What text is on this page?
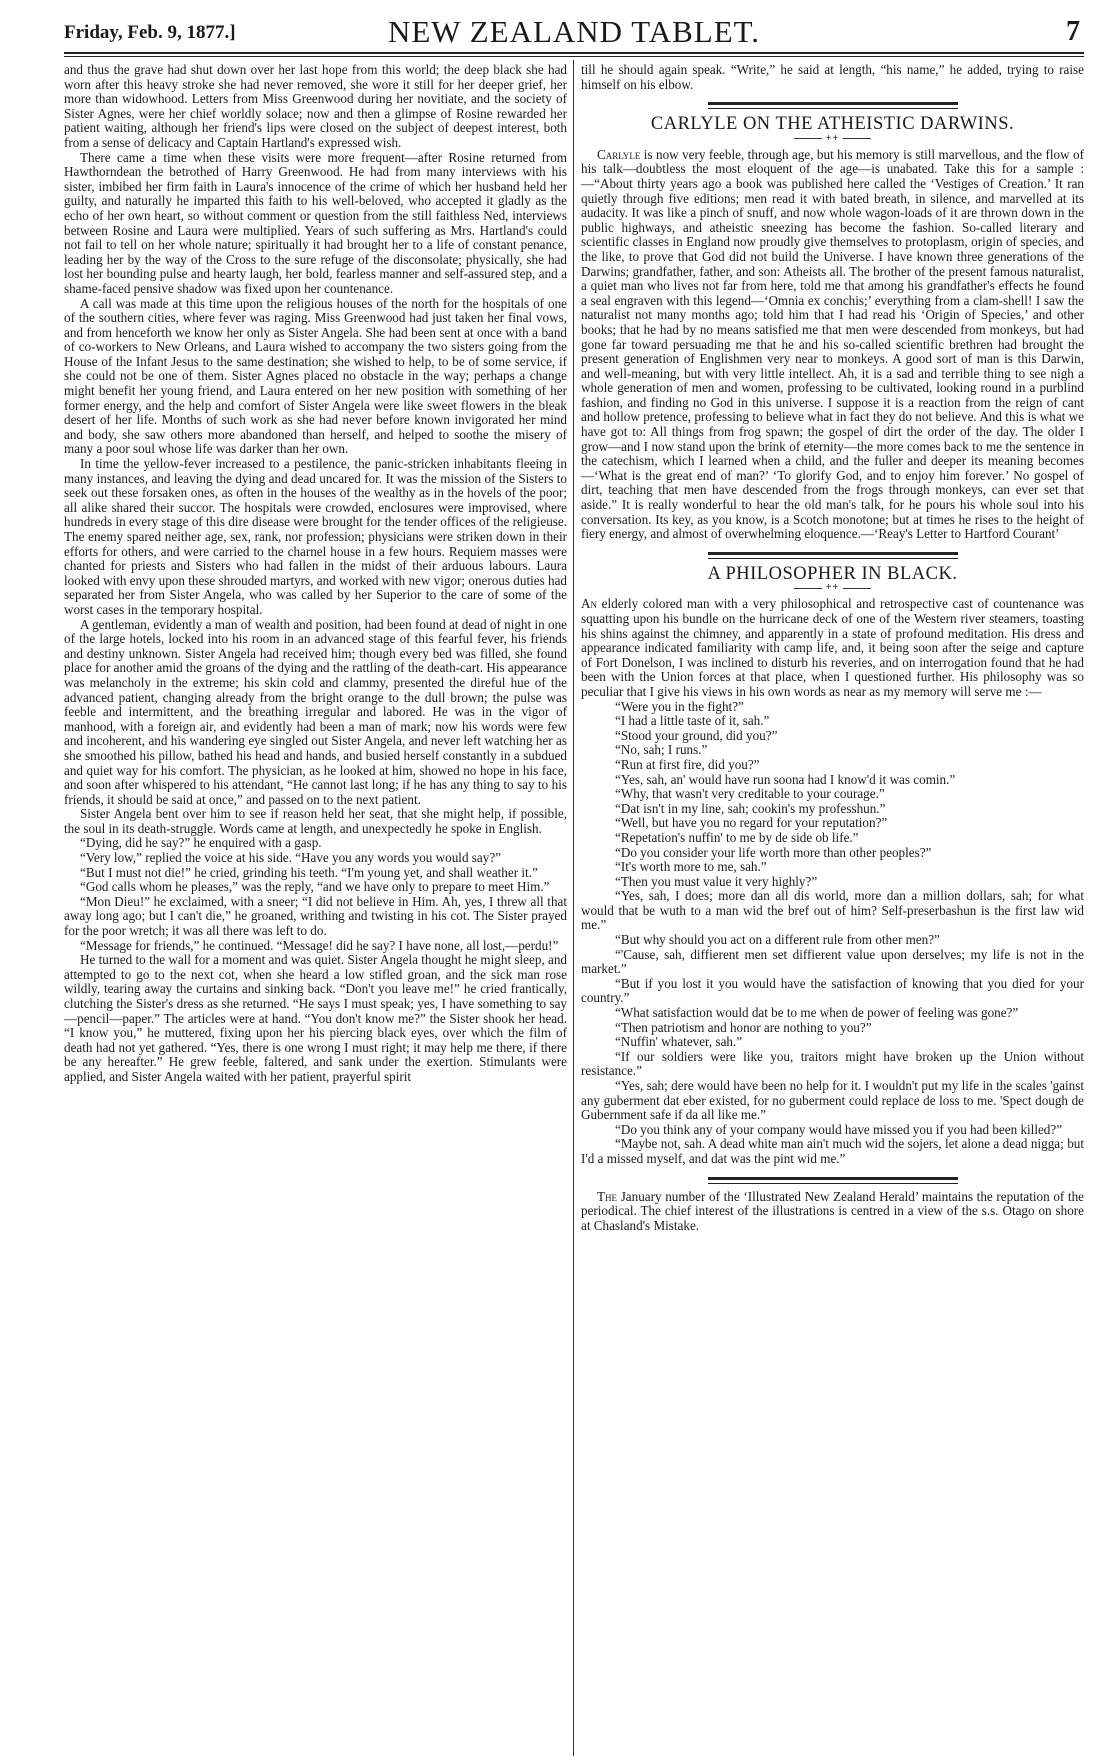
Friday, Feb. 9, 1877.]	NEW ZEALAND TABLET.	7

and thus the grave had shut down over her last hope from this world; the deep black she had worn after this heavy stroke she had never removed, she wore it still for her deeper grief, her more than widowhood. Letters from Miss Greenwood during her novitiate, and the society of Sister Agnes, were her chief worldly solace; now and then a glimpse of Rosine rewarded her patient waiting, although her friend's lips were closed on the subject of deepest interest, both from a sense of delicacy and Captain Hartland's expressed wish.

There came a time when these visits were more frequent—after Rosine returned from Hawthorndean the betrothed of Harry Greenwood. He had from many interviews with his sister, imbibed her firm faith in Laura's innocence of the crime of which her husband held her guilty, and naturally he imparted this faith to his well-beloved, who accepted it gladly as the echo of her own heart, so without comment or question from the still faithless Ned, interviews between Rosine and Laura were multiplied. Years of such suffering as Mrs. Hartland's could not fail to tell on her whole nature; spiritually it had brought her to a life of constant penance, leading her by the way of the Cross to the sure refuge of the disconsolate; physically, she had lost her bounding pulse and hearty laugh, her bold, fearless manner and self-assured step, and a shame-faced pensive shadow was fixed upon her countenance.

A call was made at this time upon the religious houses of the north for the hospitals of one of the southern cities, where fever was raging. Miss Greenwood had just taken her final vows, and from henceforth we know her only as Sister Angela. She had been sent at once with a band of co-workers to New Orleans, and Laura wished to accompany the two sisters going from the House of the Infant Jesus to the same destination; she wished to help, to be of some service, if she could not be one of them. Sister Agnes placed no obstacle in the way; perhaps a change might benefit her young friend, and Laura entered on her new position with something of her former energy, and the help and comfort of Sister Angela were like sweet flowers in the bleak desert of her life. Months of such work as she had never before known invigorated her mind and body, she saw others more abandoned than herself, and helped to soothe the misery of many a poor soul whose life was darker than her own.

In time the yellow-fever increased to a pestilence, the panic-stricken inhabitants fleeing in many instances, and leaving the dying and dead uncared for. It was the mission of the Sisters to seek out these forsaken ones, as often in the houses of the wealthy as in the hovels of the poor; all alike shared their succor. The hospitals were crowded, enclosures were improvised, where hundreds in every stage of this dire disease were brought for the tender offices of the religieuse. The enemy spared neither age, sex, rank, nor profession; physicians were striken down in their efforts for others, and were carried to the charnel house in a few hours. Requiem masses were chanted for priests and Sisters who had fallen in the midst of their arduous labours. Laura looked with envy upon these shrouded martyrs, and worked with new vigor; onerous duties had separated her from Sister Angela, who was called by her Superior to the care of some of the worst cases in the temporary hospital.

A gentleman, evidently a man of wealth and position, had been found at dead of night in one of the large hotels, locked into his room in an advanced stage of this fearful fever, his friends and destiny unknown. Sister Angela had received him; though every bed was filled, she found place for another amid the groans of the dying and the rattling of the death-cart. His appearance was melancholy in the extreme; his skin cold and clammy, presented the direful hue of the advanced patient, changing already from the bright orange to the dull brown; the pulse was feeble and intermittent, and the breathing irregular and labored. He was in the vigor of manhood, with a foreign air, and evidently had been a man of mark; now his words were few and incoherent, and his wandering eye singled out Sister Angela, and never left watching her as she smoothed his pillow, bathed his head and hands, and busied herself constantly in a subdued and quiet way for his comfort. The physician, as he looked at him, showed no hope in his face, and soon after whispered to his attendant, “He cannot last long; if he has any thing to say to his friends, it should be said at once,” and passed on to the next patient.

Sister Angela bent over him to see if reason held her seat, that she might help, if possible, the soul in its death-struggle. Words came at length, and unexpectedly he spoke in English.

“Dying, did he say?” he enquired with a gasp.

“Very low,” replied the voice at his side. “Have you any words you would say?”

“But I must not die!” he cried, grinding his teeth. “I'm young yet, and shall weather it.”

“God calls whom he pleases,” was the reply, “and we have only to prepare to meet Him.”

“Mon Dieu!” he exclaimed, with a sneer; “I did not believe in Him. Ah, yes, I threw all that away long ago; but I can't die,” he groaned, writhing and twisting in his cot. The Sister prayed for the poor wretch; it was all there was left to do.

“Message for friends,” he continued. “Message! did he say? I have none, all lost,—perdu!”

He turned to the wall for a moment and was quiet. Sister Angela thought he might sleep, and attempted to go to the next cot, when she heard a low stifled groan, and the sick man rose wildly, tearing away the curtains and sinking back. “Don't you leave me!” he cried frantically, clutching the Sister's dress as she returned. “He says I must speak; yes, I have something to say—pencil—paper.” The articles were at hand. “You don't know me?” the Sister shook her head. “I know you,” he muttered, fixing upon her his piercing black eyes, over which the film of death had not yet gathered. “Yes, there is one wrong I must right; it may help me there, if there be any hereafter.” He grew feeble, faltered, and sank under the exertion. Stimulants were applied, and Sister Angela waited with her patient, prayerful spirit

till he should again speak. “Write,” he said at length, “his name,” he added, trying to raise himself on his elbow.

CARLYLE ON THE ATHEISTIC DARWINS.
++

Carlyle is now very feeble, through age, but his memory is still marvellous, and the flow of his talk—doubtless the most eloquent of the age—is unabated. Take this for a sample :—“About thirty years ago a book was published here called the ‘Vestiges of Creation.’ It ran quietly through five editions; men read it with bated breath, in silence, and marvelled at its audacity. It was like a pinch of snuff, and now whole wagon-loads of it are thrown down in the public highways, and atheistic sneezing has become the fashion. So-called literary and scientific classes in England now proudly give themselves to protoplasm, origin of species, and the like, to prove that God did not build the Universe. I have known three generations of the Darwins; grandfather, father, and son: Atheists all. The brother of the present famous naturalist, a quiet man who lives not far from here, told me that among his grandfather's effects he found a seal engraven with this legend—‘Omnia ex conchis;’ everything from a clam-shell! I saw the naturalist not many months ago; told him that I had read his ‘Origin of Species,’ and other books; that he had by no means satisfied me that men were descended from monkeys, but had gone far toward persuading me that he and his so-called scientific brethren had brought the present generation of Englishmen very near to monkeys. A good sort of man is this Darwin, and well-meaning, but with very little intellect. Ah, it is a sad and terrible thing to see nigh a whole generation of men and women, professing to be cultivated, looking round in a purblind fashion, and finding no God in this universe. I suppose it is a reaction from the reign of cant and hollow pretence, professing to believe what in fact they do not believe. And this is what we have got to: All things from frog spawn; the gospel of dirt the order of the day. The older I grow—and I now stand upon the brink of eternity—the more comes back to me the sentence in the catechism, which I learned when a child, and the fuller and deeper its meaning becomes—‘What is the great end of man?’ ‘To glorify God, and to enjoy him forever.’ No gospel of dirt, teaching that men have descended from the frogs through monkeys, can ever set that aside.” It is really wonderful to hear the old man's talk, for he pours his whole soul into his conversation. Its key, as you know, is a Scotch monotone; but at times he rises to the height of fiery energy, and almost of overwhelming eloquence.—‘Reay's Letter to Hartford Courant’

A PHILOSOPHER IN BLACK.
++

An elderly colored man with a very philosophical and retrospective cast of countenance was squatting upon his bundle on the hurricane deck of one of the Western river steamers, toasting his shins against the chimney, and apparently in a state of profound meditation. His dress and appearance indicated familiarity with camp life, and, it being soon after the seige and capture of Fort Donelson, I was inclined to disturb his reveries, and on interrogation found that he had been with the Union forces at that place, when I questioned further. His philosophy was so peculiar that I give his views in his own words as near as my memory will serve me :—

“Were you in the fight?”

“I had a little taste of it, sah.”

“Stood your ground, did you?”

“No, sah; I runs.”

“Run at first fire, did you?”

“Yes, sah, an' would have run soona had I know'd it was comin.”

“Why, that wasn't very creditable to your courage.”

“Dat isn't in my line, sah; cookin's my professhun.”

“Well, but have you no regard for your reputation?”

“Repetation's nuffin' to me by de side ob life.”

“Do you consider your life worth more than other peoples?”

“It's worth more to me, sah.”

“Then you must value it very highly?”

“Yes, sah, I does; more dan all dis world, more dan a million dollars, sah; for what would that be wuth to a man wid the bref out of him? Self-preserbashun is the first law wid me.”

“But why should you act on a different rule from other men?”

“'Cause, sah, diffierent men set diffierent value upon derselves; my life is not in the market.”

“But if you lost it you would have the satisfaction of knowing that you died for your country.”

“What satisfaction would dat be to me when de power of feeling was gone?”

“Then patriotism and honor are nothing to you?”

“Nuffin' whatever, sah.”

“If our soldiers were like you, traitors might have broken up the Union without resistance.”

“Yes, sah; dere would have been no help for it. I wouldn't put my life in the scales 'gainst any guberment dat eber existed, for no guberment could replace de loss to me. 'Spect dough de Gubernment safe if da all like me.”

“Do you think any of your company would have missed you if you had been killed?”

“Maybe not, sah. A dead white man ain't much wid the sojers, let alone a dead nigga; but I'd a missed myself, and dat was the pint wid me.”

The January number of the ‘Illustrated New Zealand Herald’ maintains the reputation of the periodical. The chief interest of the illustrations is centred in a view of the s.s. Otago on shore at Chasland's Mistake.
